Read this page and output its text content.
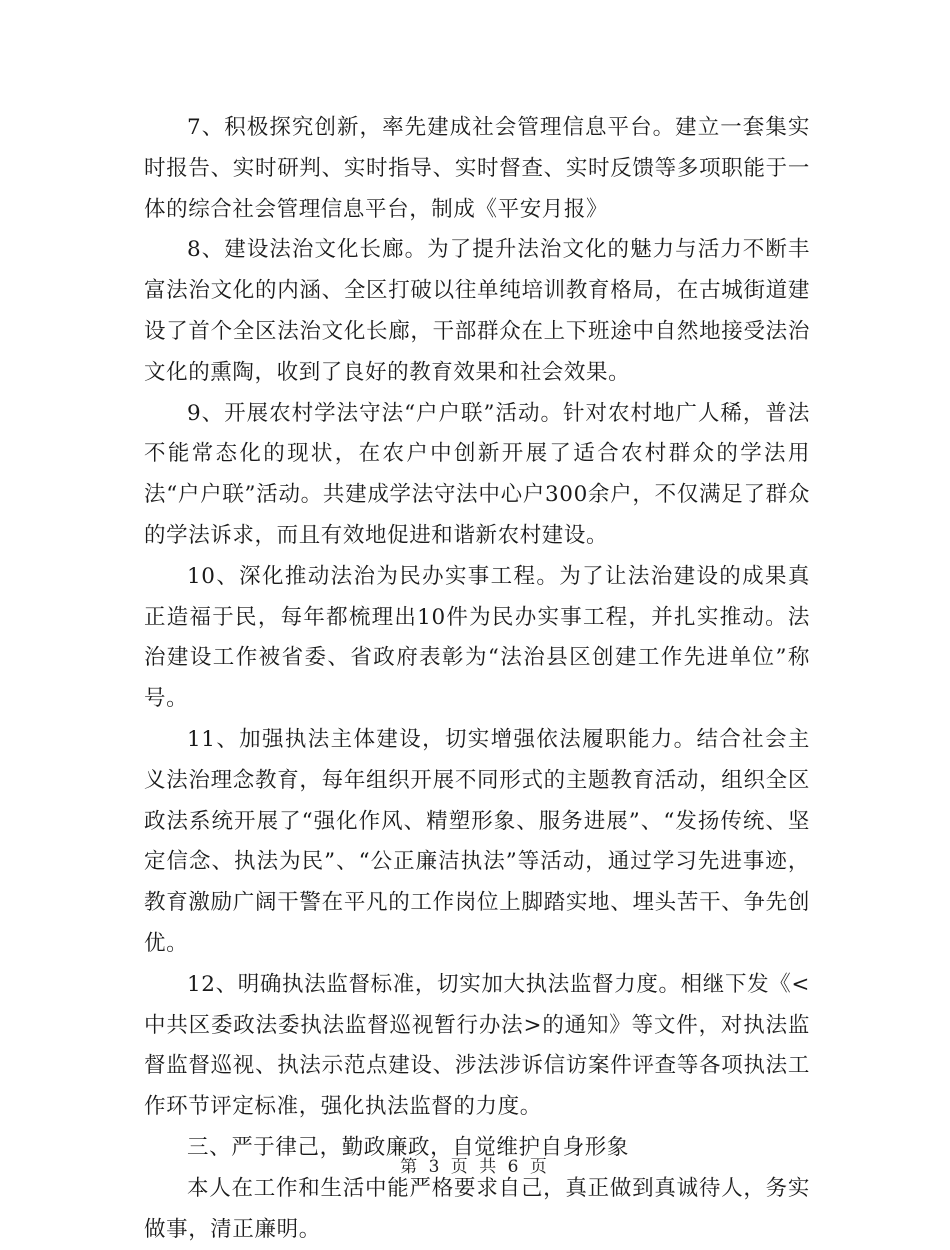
7、积极探究创新，率先建成社会管理信息平台。建立一套集实时报告、实时研判、实时指导、实时督查、实时反馈等多项职能于一体的综合社会管理信息平台，制成《平安月报》

8、建设法治文化长廊。为了提升法治文化的魅力与活力不断丰富法治文化的内涵、全区打破以往单纯培训教育格局，在古城街道建设了首个全区法治文化长廊，干部群众在上下班途中自然地接受法治文化的熏陶，收到了良好的教育效果和社会效果。

9、开展农村学法守法“户户联”活动。针对农村地广人稀，普法不能常态化的现状，在农户中创新开展了适合农村群众的学法用法“户户联”活动。共建成学法守法中心户300余户，不仅满足了群众的学法诉求，而且有效地促进和谐新农村建设。

10、深化推动法治为民办实事工程。为了让法治建设的成果真正造福于民，每年都梳理出10件为民办实事工程，并扎实推动。法治建设工作被省委、省政府表彰为“法治县区创建工作先进单位”称号。

11、加强执法主体建设，切实增强依法履职能力。结合社会主义法治理念教育，每年组织开展不同形式的主题教育活动，组织全区政法系统开展了“强化作风、精塑形象、服务进展”、“发扬传统、坚定信念、执法为民”、“公正廉洁执法”等活动，通过学习先进事迹，教育激励广阔干警在平凡的工作岗位上脚踏实地、埋头苦干、争先创优。

12、明确执法监督标准，切实加大执法监督力度。相继下发《<中共区委政法委执法监督巡视暂行办法>的通知》等文件，对执法监督监督巡视、执法示范点建设、涉法涉诉信访案件评查等各项执法工作环节评定标准，强化执法监督的力度。

三、严于律己，勤政廉政，自觉维护自身形象

本人在工作和生活中能严格要求自己，真正做到真诚待人，务实做事，清正廉明。

第 3 页 共 6 页
